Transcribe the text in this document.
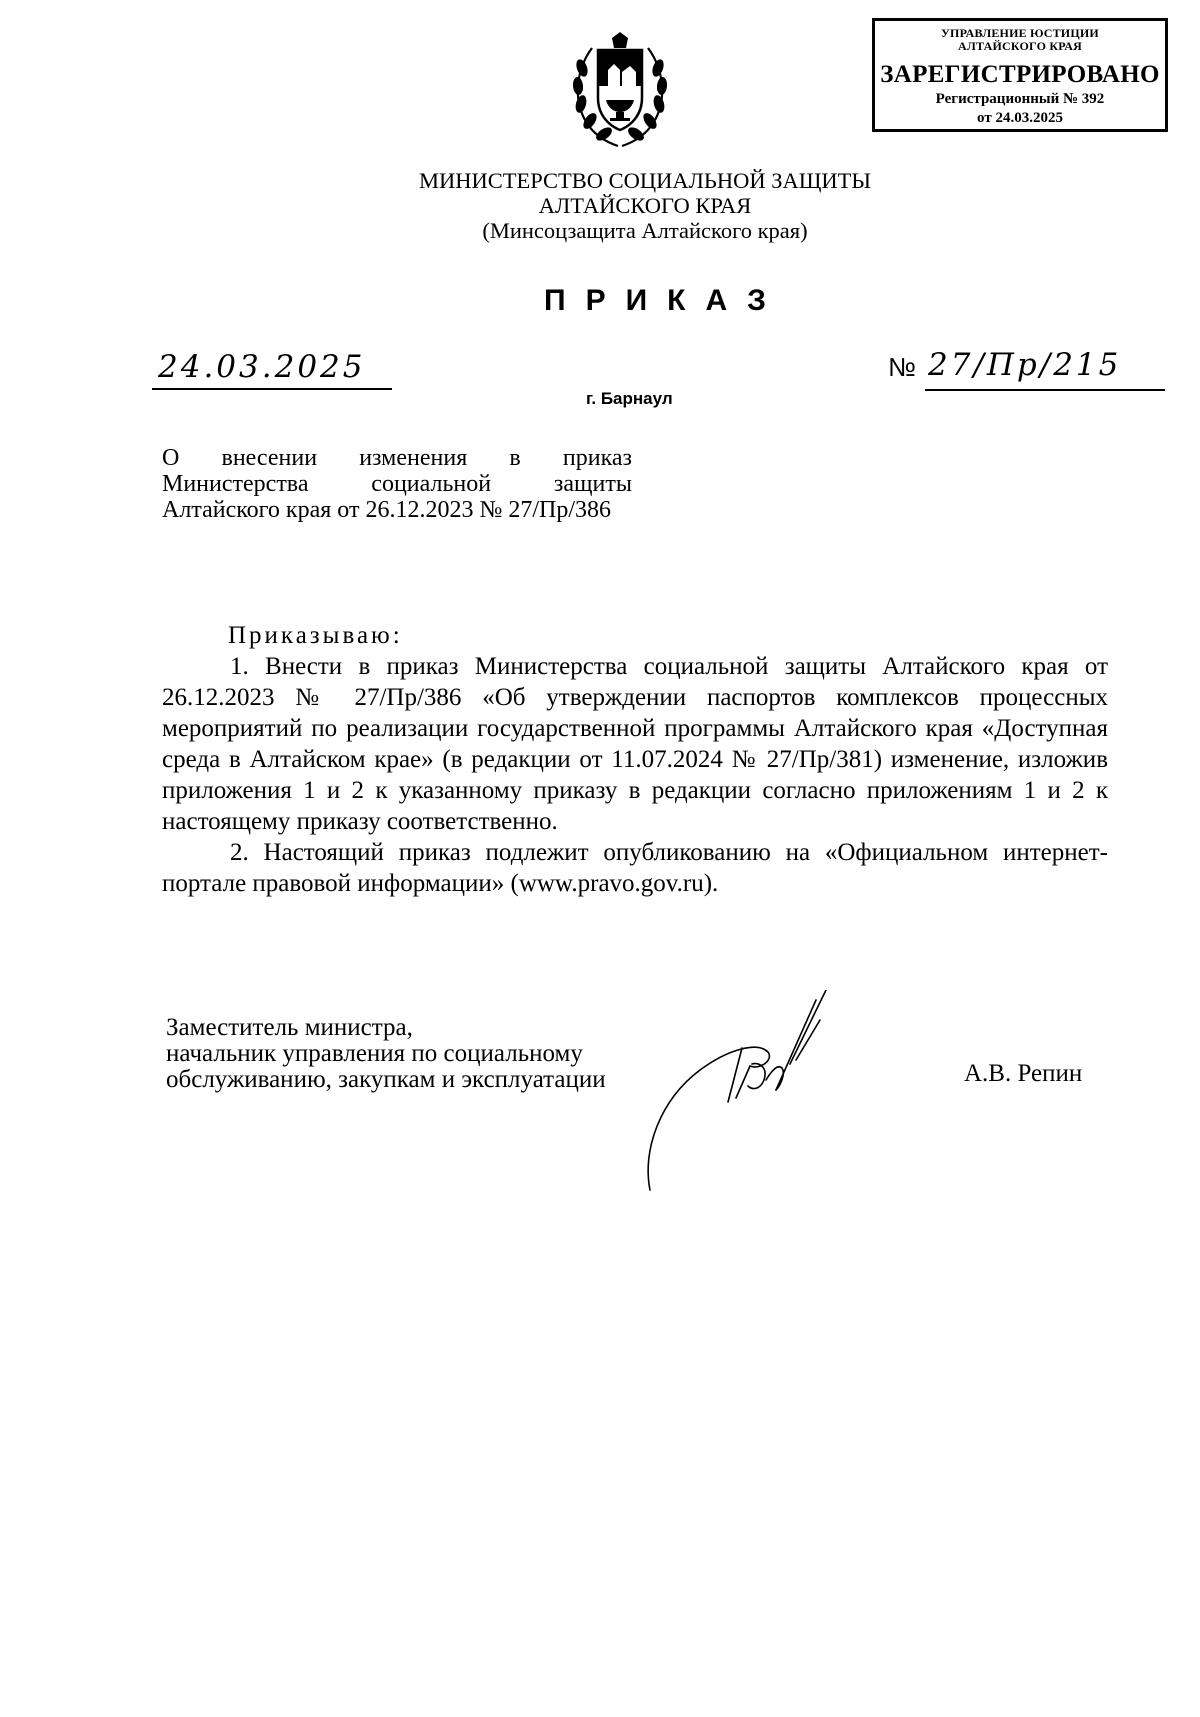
УПРАВЛЕНИЕ ЮСТИЦИИ
АЛТАЙСКОГО КРАЯ
ЗАРЕГИСТРИРОВАНО
Регистрационный № 392
от 24.03.2025
МИНИСТЕРСТВО СОЦИАЛЬНОЙ ЗАЩИТЫ
АЛТАЙСКОГО КРАЯ
(Минсоцзащита Алтайского края)
ПРИКАЗ
24.03.2025	№ 27/Пр/215
г. Барнаул
О внесении изменения в приказ Министерства социальной защиты Алтайского края от 26.12.2023 № 27/Пр/386
Приказываю:

1. Внести в приказ Министерства социальной защиты Алтайского края от 26.12.2023 № 27/Пр/386 «Об утверждении паспортов комплексов процессных мероприятий по реализации государственной программы Алтайского края «Доступная среда в Алтайском крае» (в редакции от 11.07.2024 № 27/Пр/381) изменение, изложив приложения 1 и 2 к указанному приказу в редакции согласно приложениям 1 и 2 к настоящему приказу соответственно.

2. Настоящий приказ подлежит опубликованию на «Официальном интернет-портале правовой информации» (www.pravo.gov.ru).

Заместитель министра,
начальник управления по социальному
обслуживанию, закупкам и эксплуатации	А.В. Репин
